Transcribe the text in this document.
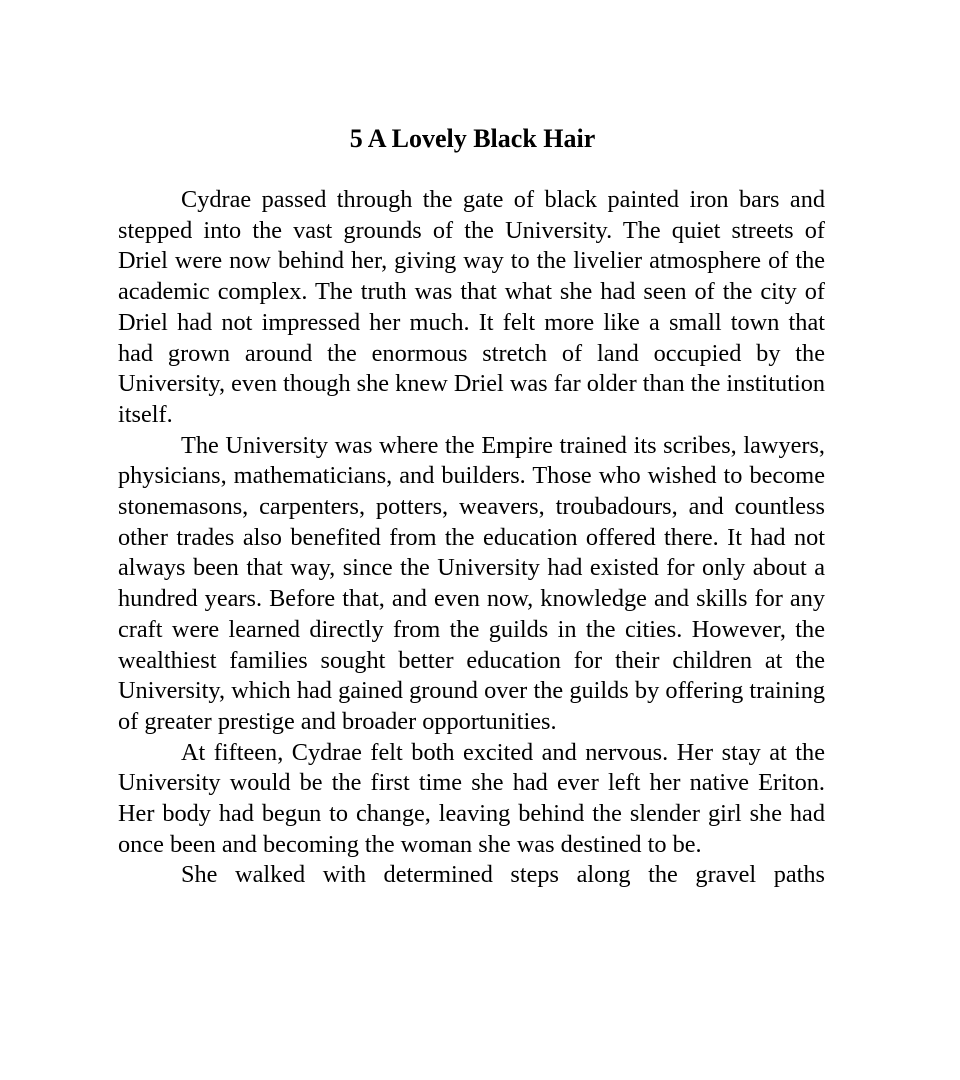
5 A Lovely Black Hair

Cydrae passed through the gate of black painted iron bars and stepped into the vast grounds of the University. The quiet streets of Driel were now behind her, giving way to the livelier atmosphere of the academic complex. The truth was that what she had seen of the city of Driel had not impressed her much. It felt more like a small town that had grown around the enormous stretch of land occupied by the University, even though she knew Driel was far older than the institution itself.

The University was where the Empire trained its scribes, lawyers, physicians, mathematicians, and builders. Those who wished to become stonemasons, carpenters, potters, weavers, troubadours, and countless other trades also benefited from the education offered there. It had not always been that way, since the University had existed for only about a hundred years. Before that, and even now, knowledge and skills for any craft were learned directly from the guilds in the cities. However, the wealthiest families sought better education for their children at the University, which had gained ground over the guilds by offering training of greater prestige and broader opportunities.

At fifteen, Cydrae felt both excited and nervous. Her stay at the University would be the first time she had ever left her native Eriton. Her body had begun to change, leaving behind the slender girl she had once been and becoming the woman she was destined to be.

She walked with determined steps along the gravel paths
